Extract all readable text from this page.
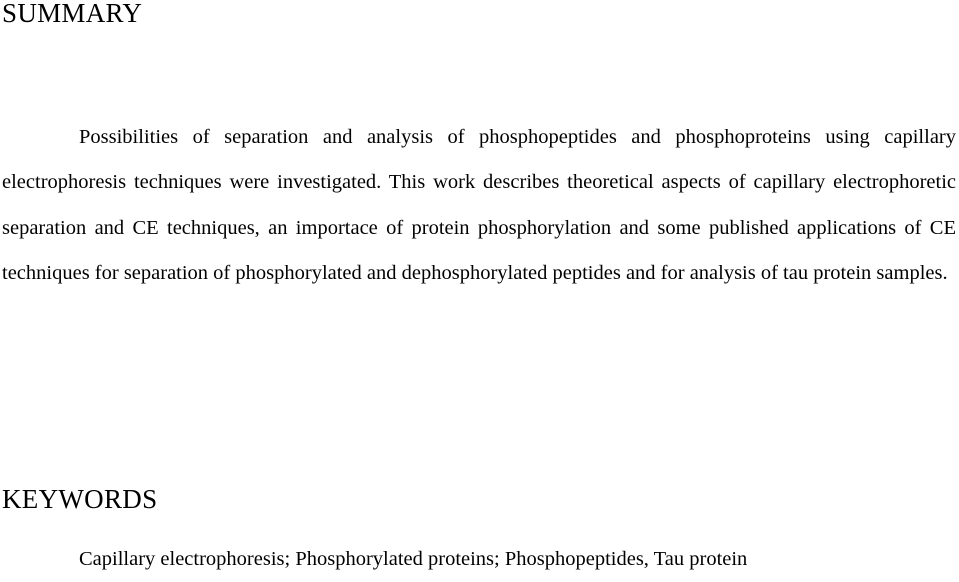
SUMMARY

Possibilities of separation and analysis of phosphopeptides and phosphoproteins using capillary electrophoresis techniques were investigated. This work describes theoretical aspects of capillary electrophoretic separation and CE techniques, an importace of protein phosphorylation and some published applications of CE techniques for separation of phosphorylated and dephosphorylated peptides and for analysis of tau protein samples.

KEYWORDS

Capillary electrophoresis; Phosphorylated proteins; Phosphopeptides, Tau protein
